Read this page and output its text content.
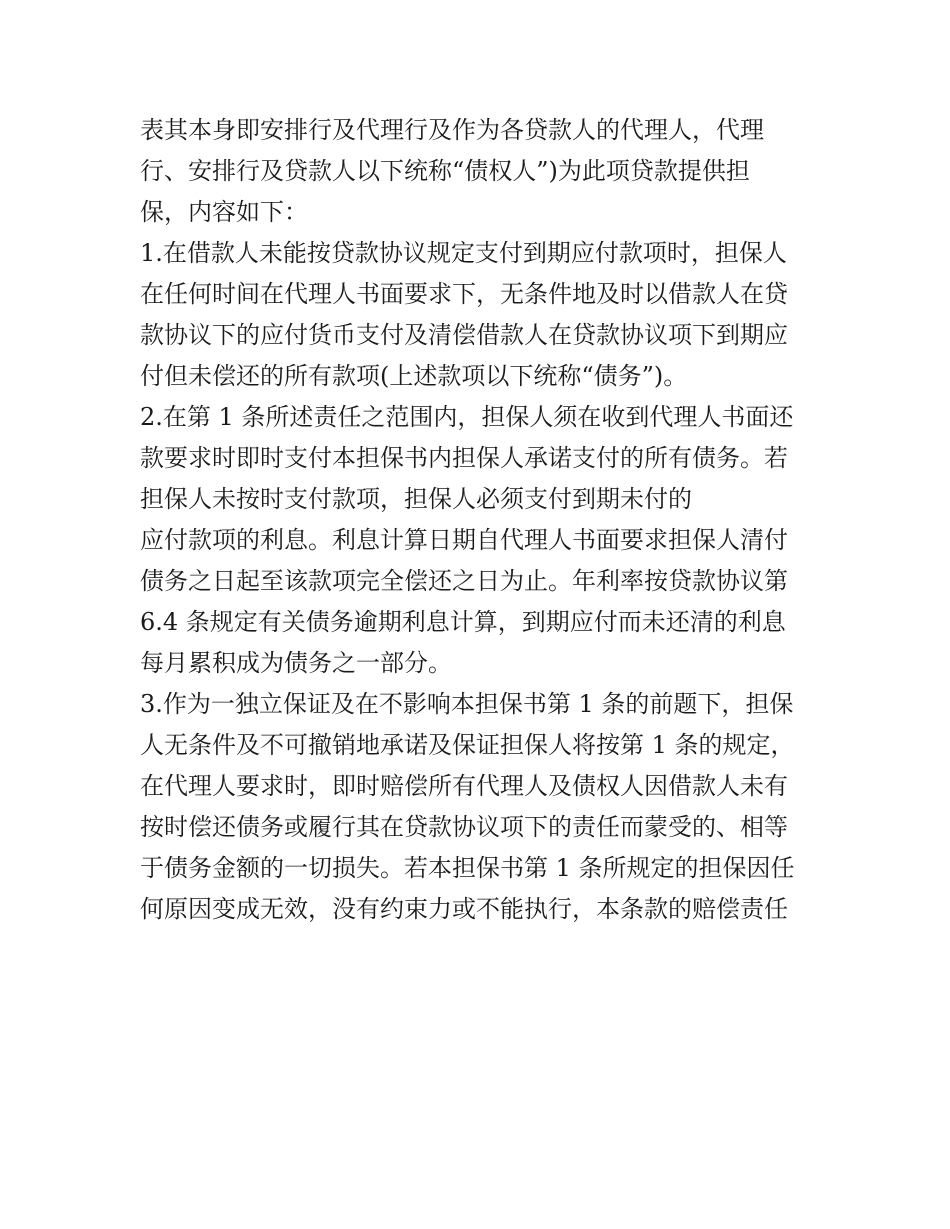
表其本身即安排行及代理行及作为各贷款人的代理人，代理
行、安排行及贷款人以下统称“债权人”)为此项贷款提供担
保，内容如下：
1.在借款人未能按贷款协议规定支付到期应付款项时，担保人
在任何时间在代理人书面要求下，无条件地及时以借款人在贷
款协议下的应付货币支付及清偿借款人在贷款协议项下到期应
付但未偿还的所有款项(上述款项以下统称“债务”)。
2.在第 1 条所述责任之范围内，担保人须在收到代理人书面还
款要求时即时支付本担保书内担保人承诺支付的所有债务。若
担保人未按时支付款项，担保人必须支付到期未付的
应付款项的利息。利息计算日期自代理人书面要求担保人清付
债务之日起至该款项完全偿还之日为止。年利率按贷款协议第
6.4 条规定有关债务逾期利息计算，到期应付而未还清的利息
每月累积成为债务之一部分。
3.作为一独立保证及在不影响本担保书第 1 条的前题下，担保
人无条件及不可撤销地承诺及保证担保人将按第 1 条的规定，
在代理人要求时，即时赔偿所有代理人及债权人因借款人未有
按时偿还债务或履行其在贷款协议项下的责任而蒙受的、相等
于债务金额的一切损失。若本担保书第 1 条所规定的担保因任
何原因变成无效，没有约束力或不能执行，本条款的赔偿责任
